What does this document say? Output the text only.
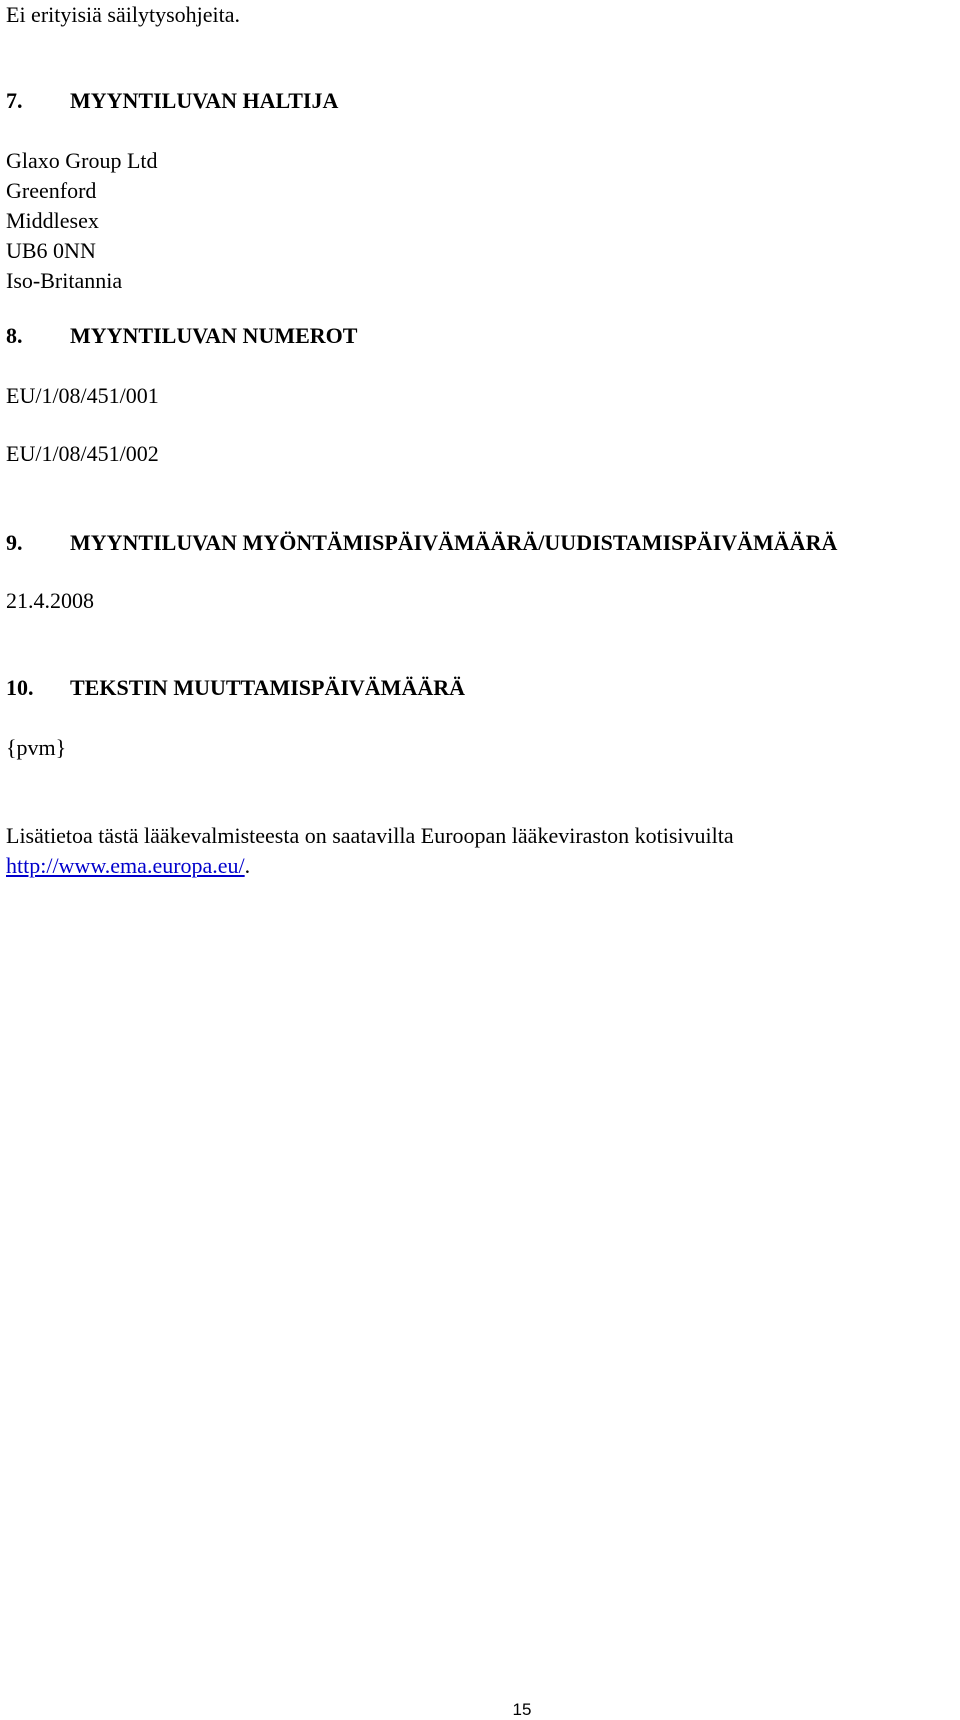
Ei erityisiä säilytysohjeita.

7. MYYNTILUVAN HALTIJA
Glaxo Group Ltd
Greenford
Middlesex
UB6 0NN
Iso-Britannia
8. MYYNTILUVAN NUMEROT

EU/1/08/451/001

EU/1/08/451/002

9. MYYNTILUVAN MYÖNTÄMISPÄIVÄMÄÄRÄ/UUDISTAMISPÄIVÄMÄÄRÄ

21.4.2008

10. TEKSTIN MUUTTAMISPÄIVÄMÄÄRÄ

{pvm}

Lisätietoa tästä lääkevalmisteesta on saatavilla Euroopan lääkeviraston kotisivuilta

http://www.ema.europa.eu/.

15
